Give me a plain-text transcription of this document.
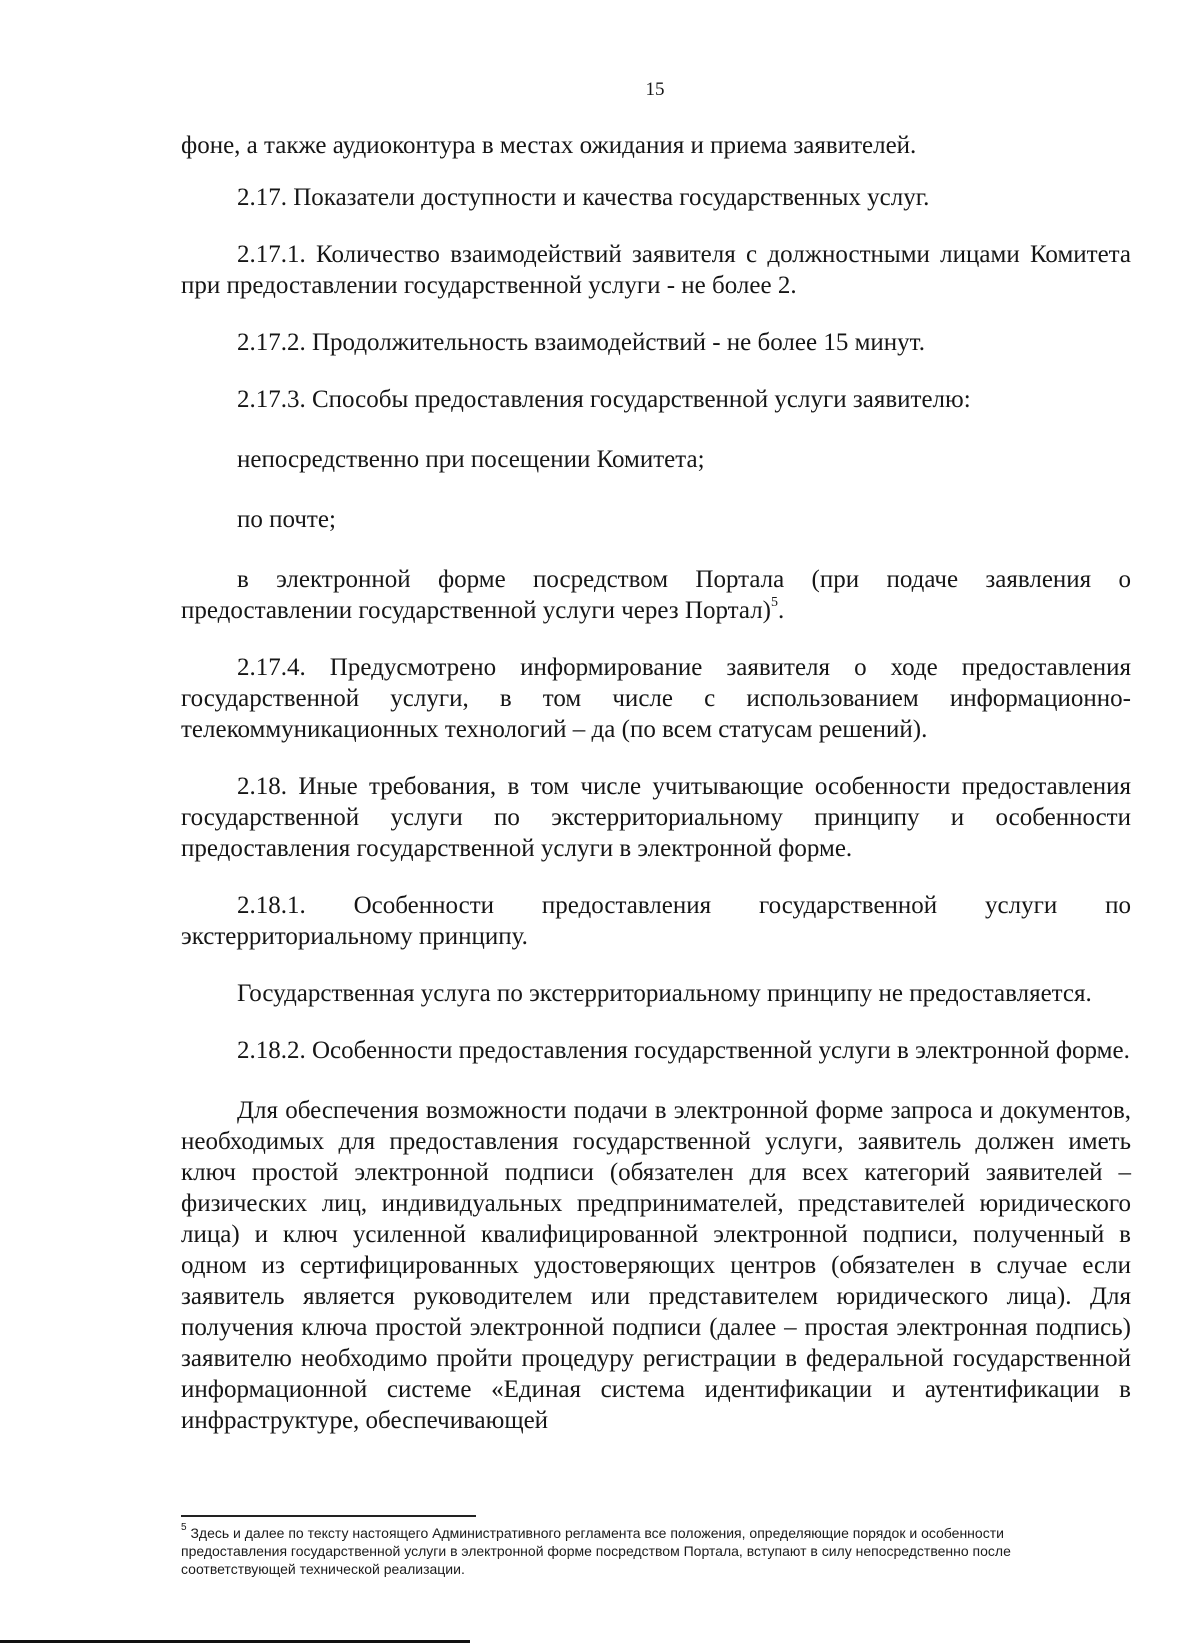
15

фоне, а также аудиоконтура в местах ожидания и приема заявителей.

2.17. Показатели доступности и качества государственных услуг.

2.17.1. Количество взаимодействий заявителя с должностными лицами Комитета при предоставлении государственной услуги - не более 2.

2.17.2. Продолжительность взаимодействий - не более 15 минут.

2.17.3. Способы предоставления государственной услуги заявителю:

непосредственно при посещении Комитета;

по почте;

в электронной форме посредством Портала (при подаче заявления о предоставлении государственной услуги через Портал)$^5$.

2.17.4. Предусмотрено информирование заявителя о ходе предоставления государственной услуги, в том числе с использованием информационно-телекоммуникационных технологий – да (по всем статусам решений).

2.18. Иные требования, в том числе учитывающие особенности предоставления государственной услуги по экстерриториальному принципу и особенности предоставления государственной услуги в электронной форме.

2.18.1. Особенности предоставления государственной услуги по экстерриториальному принципу.

Государственная услуга по экстерриториальному принципу не предоставляется.

2.18.2. Особенности предоставления государственной услуги в электронной форме.

Для обеспечения возможности подачи в электронной форме запроса и документов, необходимых для предоставления государственной услуги, заявитель должен иметь ключ простой электронной подписи (обязателен для всех категорий заявителей – физических лиц, индивидуальных предпринимателей, представителей юридического лица) и ключ усиленной квалифицированной электронной подписи, полученный в одном из сертифицированных удостоверяющих центров (обязателен в случае если заявитель является руководителем или представителем юридического лица). Для получения ключа простой электронной подписи (далее – простая электронная подпись) заявителю необходимо пройти процедуру регистрации в федеральной государственной информационной системе «Единая система идентификации и аутентификации в инфраструктуре, обеспечивающей

$^5$ Здесь и далее по тексту настоящего Административного регламента все положения, определяющие порядок и особенности предоставления государственной услуги в электронной форме посредством Портала, вступают в силу непосредственно после соответствующей технической реализации.
